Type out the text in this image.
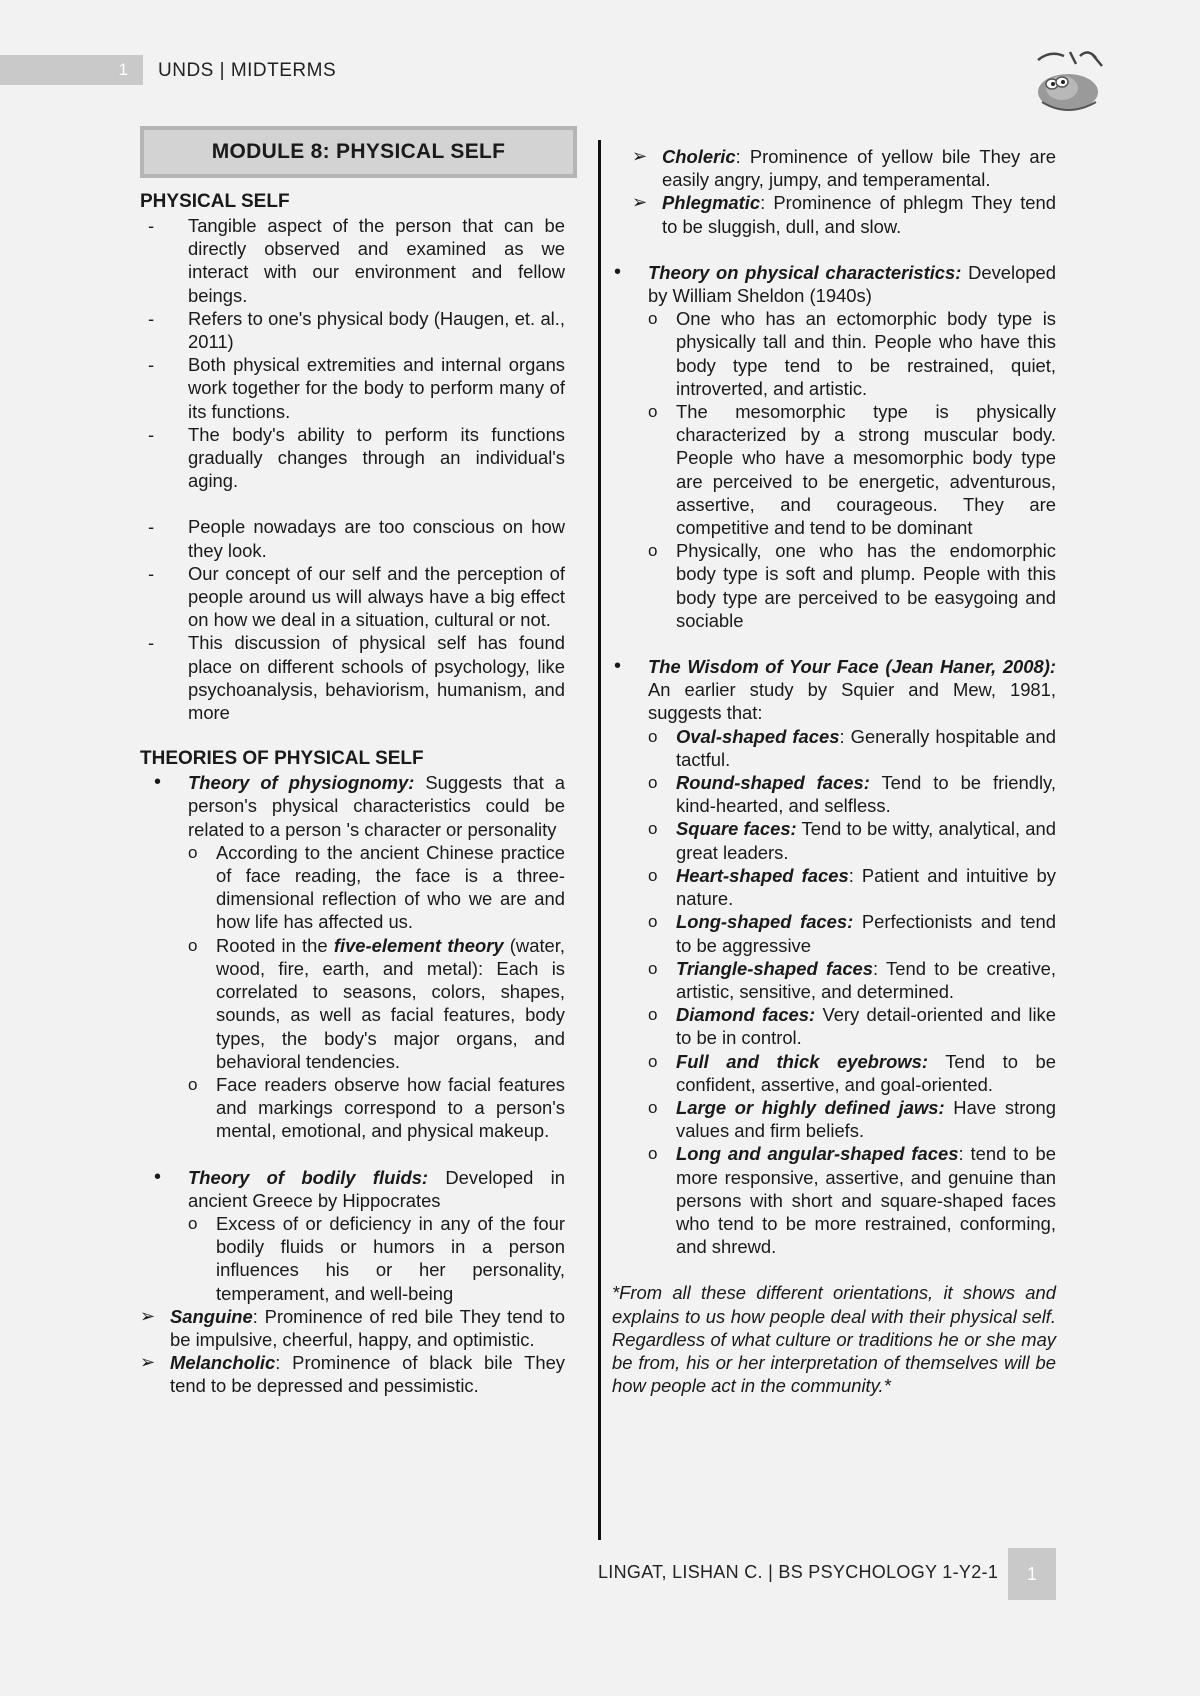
1 UNDS | MIDTERMS
MODULE 8: PHYSICAL SELF
PHYSICAL SELF
- Tangible aspect of the person that can be directly observed and examined as we interact with our environment and fellow beings.
- Refers to one's physical body (Haugen, et. al., 2011)
- Both physical extremities and internal organs work together for the body to perform many of its functions.
- The body's ability to perform its functions gradually changes through an individual's aging.
- People nowadays are too conscious on how they look.
- Our concept of our self and the perception of people around us will always have a big effect on how we deal in a situation, cultural or not.
- This discussion of physical self has found place on different schools of psychology, like psychoanalysis, behaviorism, humanism, and more
THEORIES OF PHYSICAL SELF
• Theory of physiognomy: Suggests that a person's physical characteristics could be related to a person 's character or personality
o According to the ancient Chinese practice of face reading, the face is a three-dimensional reflection of who we are and how life has affected us.
o Rooted in the five-element theory (water, wood, fire, earth, and metal): Each is correlated to seasons, colors, shapes, sounds, as well as facial features, body types, the body's major organs, and behavioral tendencies.
o Face readers observe how facial features and markings correspond to a person's mental, emotional, and physical makeup.
• Theory of bodily fluids: Developed in ancient Greece by Hippocrates
o Excess of or deficiency in any of the four bodily fluids or humors in a person influences his or her personality, temperament, and well-being
➢ Sanguine: Prominence of red bile They tend to be impulsive, cheerful, happy, and optimistic.
➢ Melancholic: Prominence of black bile They tend to be depressed and pessimistic.
➢ Choleric: Prominence of yellow bile They are easily angry, jumpy, and temperamental.
➢ Phlegmatic: Prominence of phlegm They tend to be sluggish, dull, and slow.
• Theory on physical characteristics: Developed by William Sheldon (1940s)
o One who has an ectomorphic body type is physically tall and thin. People who have this body type tend to be restrained, quiet, introverted, and artistic.
o The mesomorphic type is physically characterized by a strong muscular body. People who have a mesomorphic body type are perceived to be energetic, adventurous, assertive, and courageous. They are competitive and tend to be dominant
o Physically, one who has the endomorphic body type is soft and plump. People with this body type are perceived to be easygoing and sociable
• The Wisdom of Your Face (Jean Haner, 2008): An earlier study by Squier and Mew, 1981, suggests that:
o Oval-shaped faces: Generally hospitable and tactful.
o Round-shaped faces: Tend to be friendly, kind-hearted, and selfless.
o Square faces: Tend to be witty, analytical, and great leaders.
o Heart-shaped faces: Patient and intuitive by nature.
o Long-shaped faces: Perfectionists and tend to be aggressive
o Triangle-shaped faces: Tend to be creative, artistic, sensitive, and determined.
o Diamond faces: Very detail-oriented and like to be in control.
o Full and thick eyebrows: Tend to be confident, assertive, and goal-oriented.
o Large or highly defined jaws: Have strong values and firm beliefs.
o Long and angular-shaped faces: tend to be more responsive, assertive, and genuine than persons with short and square-shaped faces who tend to be more restrained, conforming, and shrewd.

*From all these different orientations, it shows and explains to us how people deal with their physical self. Regardless of what culture or traditions he or she may be from, his or her interpretation of themselves will be how people act in the community.*

LINGAT, LISHAN C. | BS PSYCHOLOGY 1-Y2-1	1
